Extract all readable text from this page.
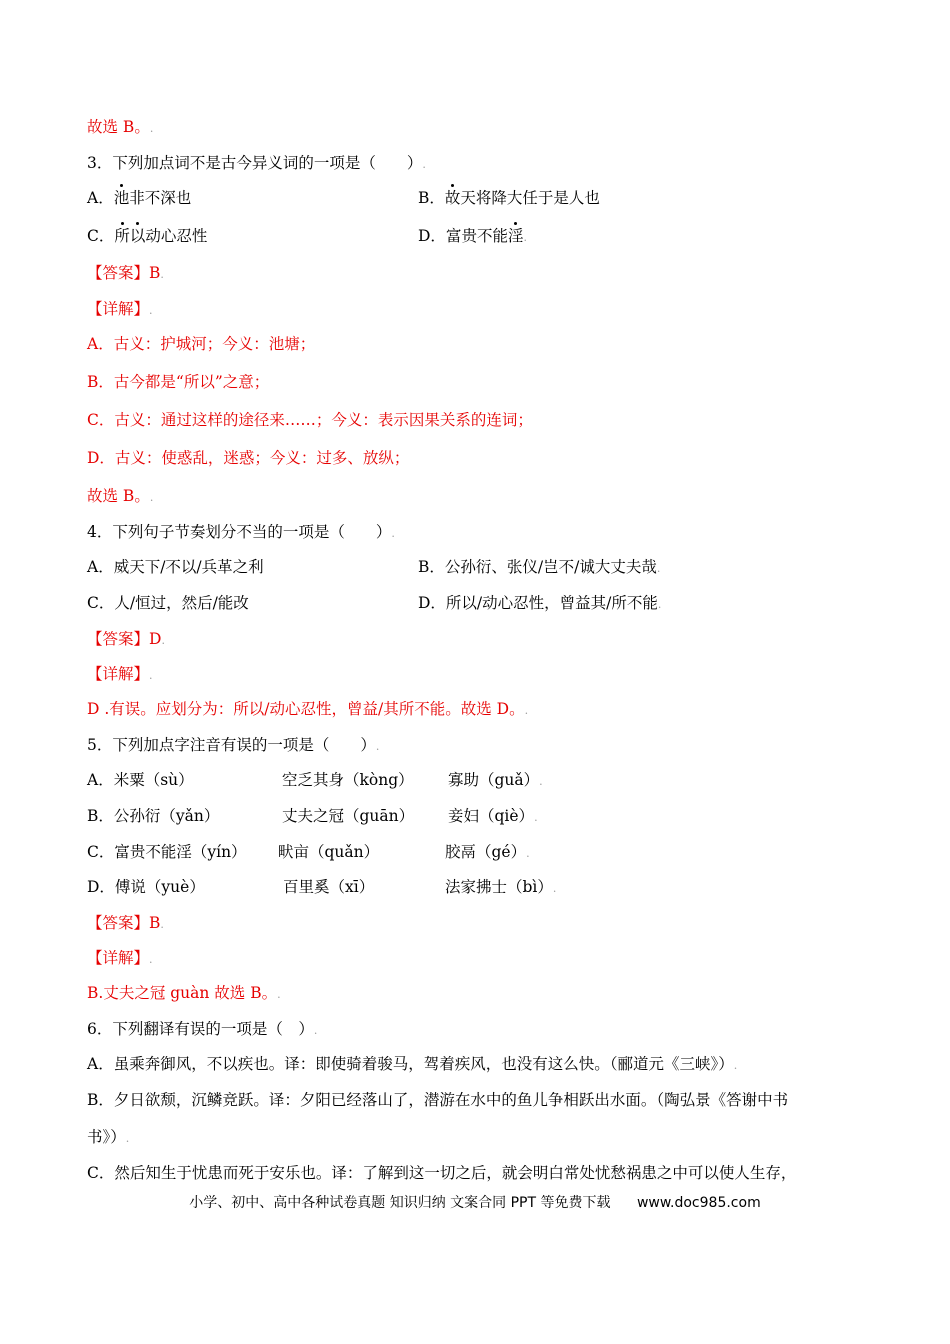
故选 B。.
3．下列加点词不是古今异义词的一项是（　　）.
A．池非不深也	B．故天将降大任于是人也
C．所以动心忍性	D．富贵不能淫.
【答案】B.
【详解】.
A．古义：护城河；今义：池塘；
B．古今都是“所以”之意；
C．古义：通过这样的途径来……；今义：表示因果关系的连词；
D．古义：使惑乱，迷惑；今义：过多、放纵；
故选 B。.
4．下列句子节奏划分不当的一项是（　　）.
A．威天下/不以/兵革之利	B．公孙衍、张仪/岂不/诚大丈夫哉.
C．人/恒过，然后/能改	D．所以/动心忍性，曾益其/所不能.
【答案】D.
【详解】.
D .有误。应划分为：所以/动心忍性，曾益/其所不能。故选 D。.
5．下列加点字注音有误的一项是（　　）.
A．米粟（sù）	空乏其身（kòng） 寡助（guǎ）.
B．公孙衍（yǎn）	丈夫之冠（guān） 妾妇（qiè）.
C．富贵不能淫（yín） 畎亩（quǎn）	胶鬲（gé）.
D．傅说（yuè）	百里奚（xī）	法家拂士（bì）.
【答案】B.
【详解】.
B.丈夫之冠 guàn 故选 B。.
6．下列翻译有误的一项是（　）.
A．虽乘奔御风，不以疾也。译：即使骑着骏马，驾着疾风，也没有这么快。（郦道元《三峡》）.
B．夕日欲颓，沉鳞竞跃。译：夕阳已经落山了，潜游在水中的鱼儿争相跃出水面。（陶弘景《答谢中书
书》）.
C．然后知生于忧患而死于安乐也。译：了解到这一切之后，就会明白常处忧愁祸患之中可以使人生存，
小学、初中、高中各种试卷真题 知识归纳 文案合同 PPT 等免费下载 www.doc985.com
